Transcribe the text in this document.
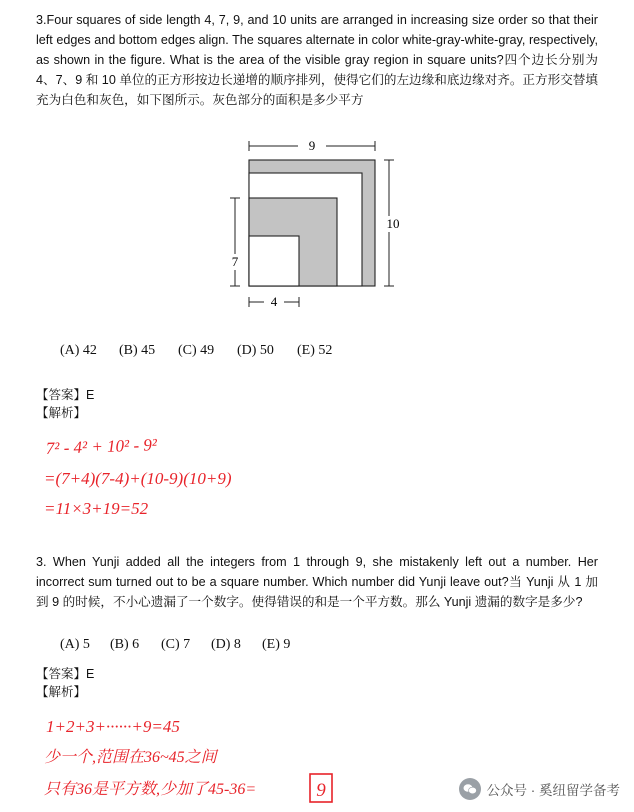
3.Four squares of side length 4, 7, 9, and 10 units are arranged in increasing size order so that their left edges and bottom edges align. The squares alternate in color white-gray-white-gray, respectively, as shown in the figure. What is the area of the visible gray region in square units?四个边长分别为 4、7、9 和 10 单位的正方形按边长递增的顺序排列，使得它们的左边缘和底边缘对齐。正方形交替填充为白色和灰色，如下图所示。灰色部分的面积是多少平方
9
10
7
4
(A) 42 (B) 45 (C) 49 (D) 50 (E) 52
【答案】E
【解析】
7² - 4² + 10² - 9²
=(7+4)(7-4)+(10-9)(10+9)
=11×3+19=52
3. When Yunji added all the integers from 1 through 9, she mistakenly left out a number. Her incorrect sum turned out to be a square number. Which number did Yunji leave out?当 Yunji 从 1 加到 9 的时候，不小心遗漏了一个数字。使得错误的和是一个平方数。那么 Yunji 遗漏的数字是多少?
(A) 5 (B) 6 (C) 7 (D) 8 (E) 9
【答案】E
【解析】
1+2+3+······+9=45
少一个,范围在36~45之间
只有36是平方数,少加了45-36=	9	公众号 · 奚纽留学备考
